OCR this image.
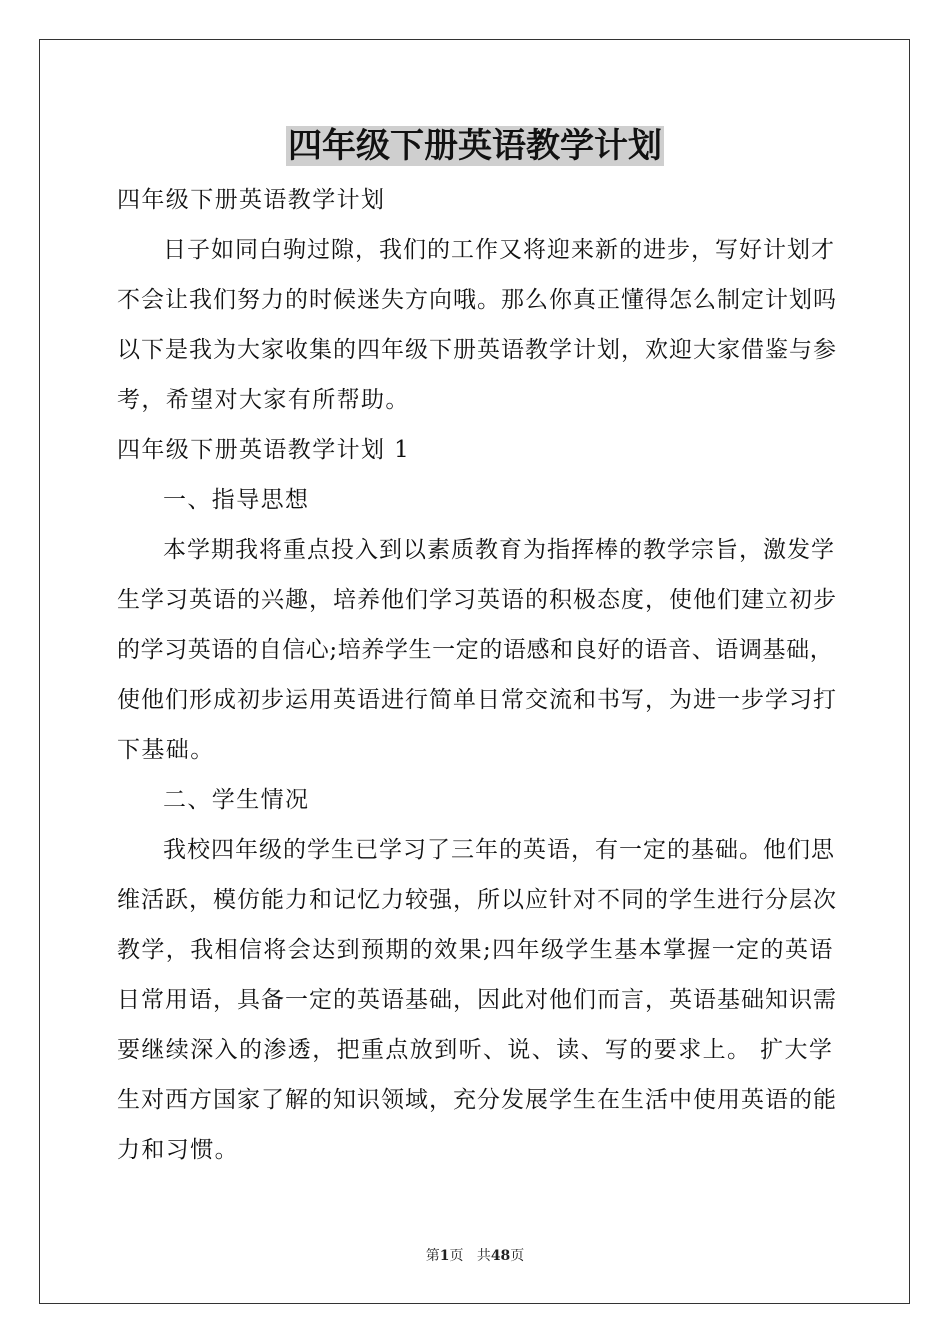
四年级下册英语教学计划

四年级下册英语教学计划

日子如同白驹过隙，我们的工作又将迎来新的进步，写好计划才

不会让我们努力的时候迷失方向哦。那么你真正懂得怎么制定计划吗

以下是我为大家收集的四年级下册英语教学计划，欢迎大家借鉴与参

考，希望对大家有所帮助。

四年级下册英语教学计划 1

一、指导思想

本学期我将重点投入到以素质教育为指挥棒的教学宗旨，激发学

生学习英语的兴趣，培养他们学习英语的积极态度，使他们建立初步

的学习英语的自信心;培养学生一定的语感和良好的语音、语调基础，

使他们形成初步运用英语进行简单日常交流和书写，为进一步学习打

下基础。

二、学生情况

我校四年级的学生已学习了三年的英语，有一定的基础。他们思

维活跃，模仿能力和记忆力较强，所以应针对不同的学生进行分层次

教学，我相信将会达到预期的效果;四年级学生基本掌握一定的英语

日常用语，具备一定的英语基础，因此对他们而言，英语基础知识需

要继续深入的渗透，把重点放到听、说、读、写的要求上。 扩大学

生对西方国家了解的知识领域，充分发展学生在生活中使用英语的能

力和习惯。

第1页 共48页
